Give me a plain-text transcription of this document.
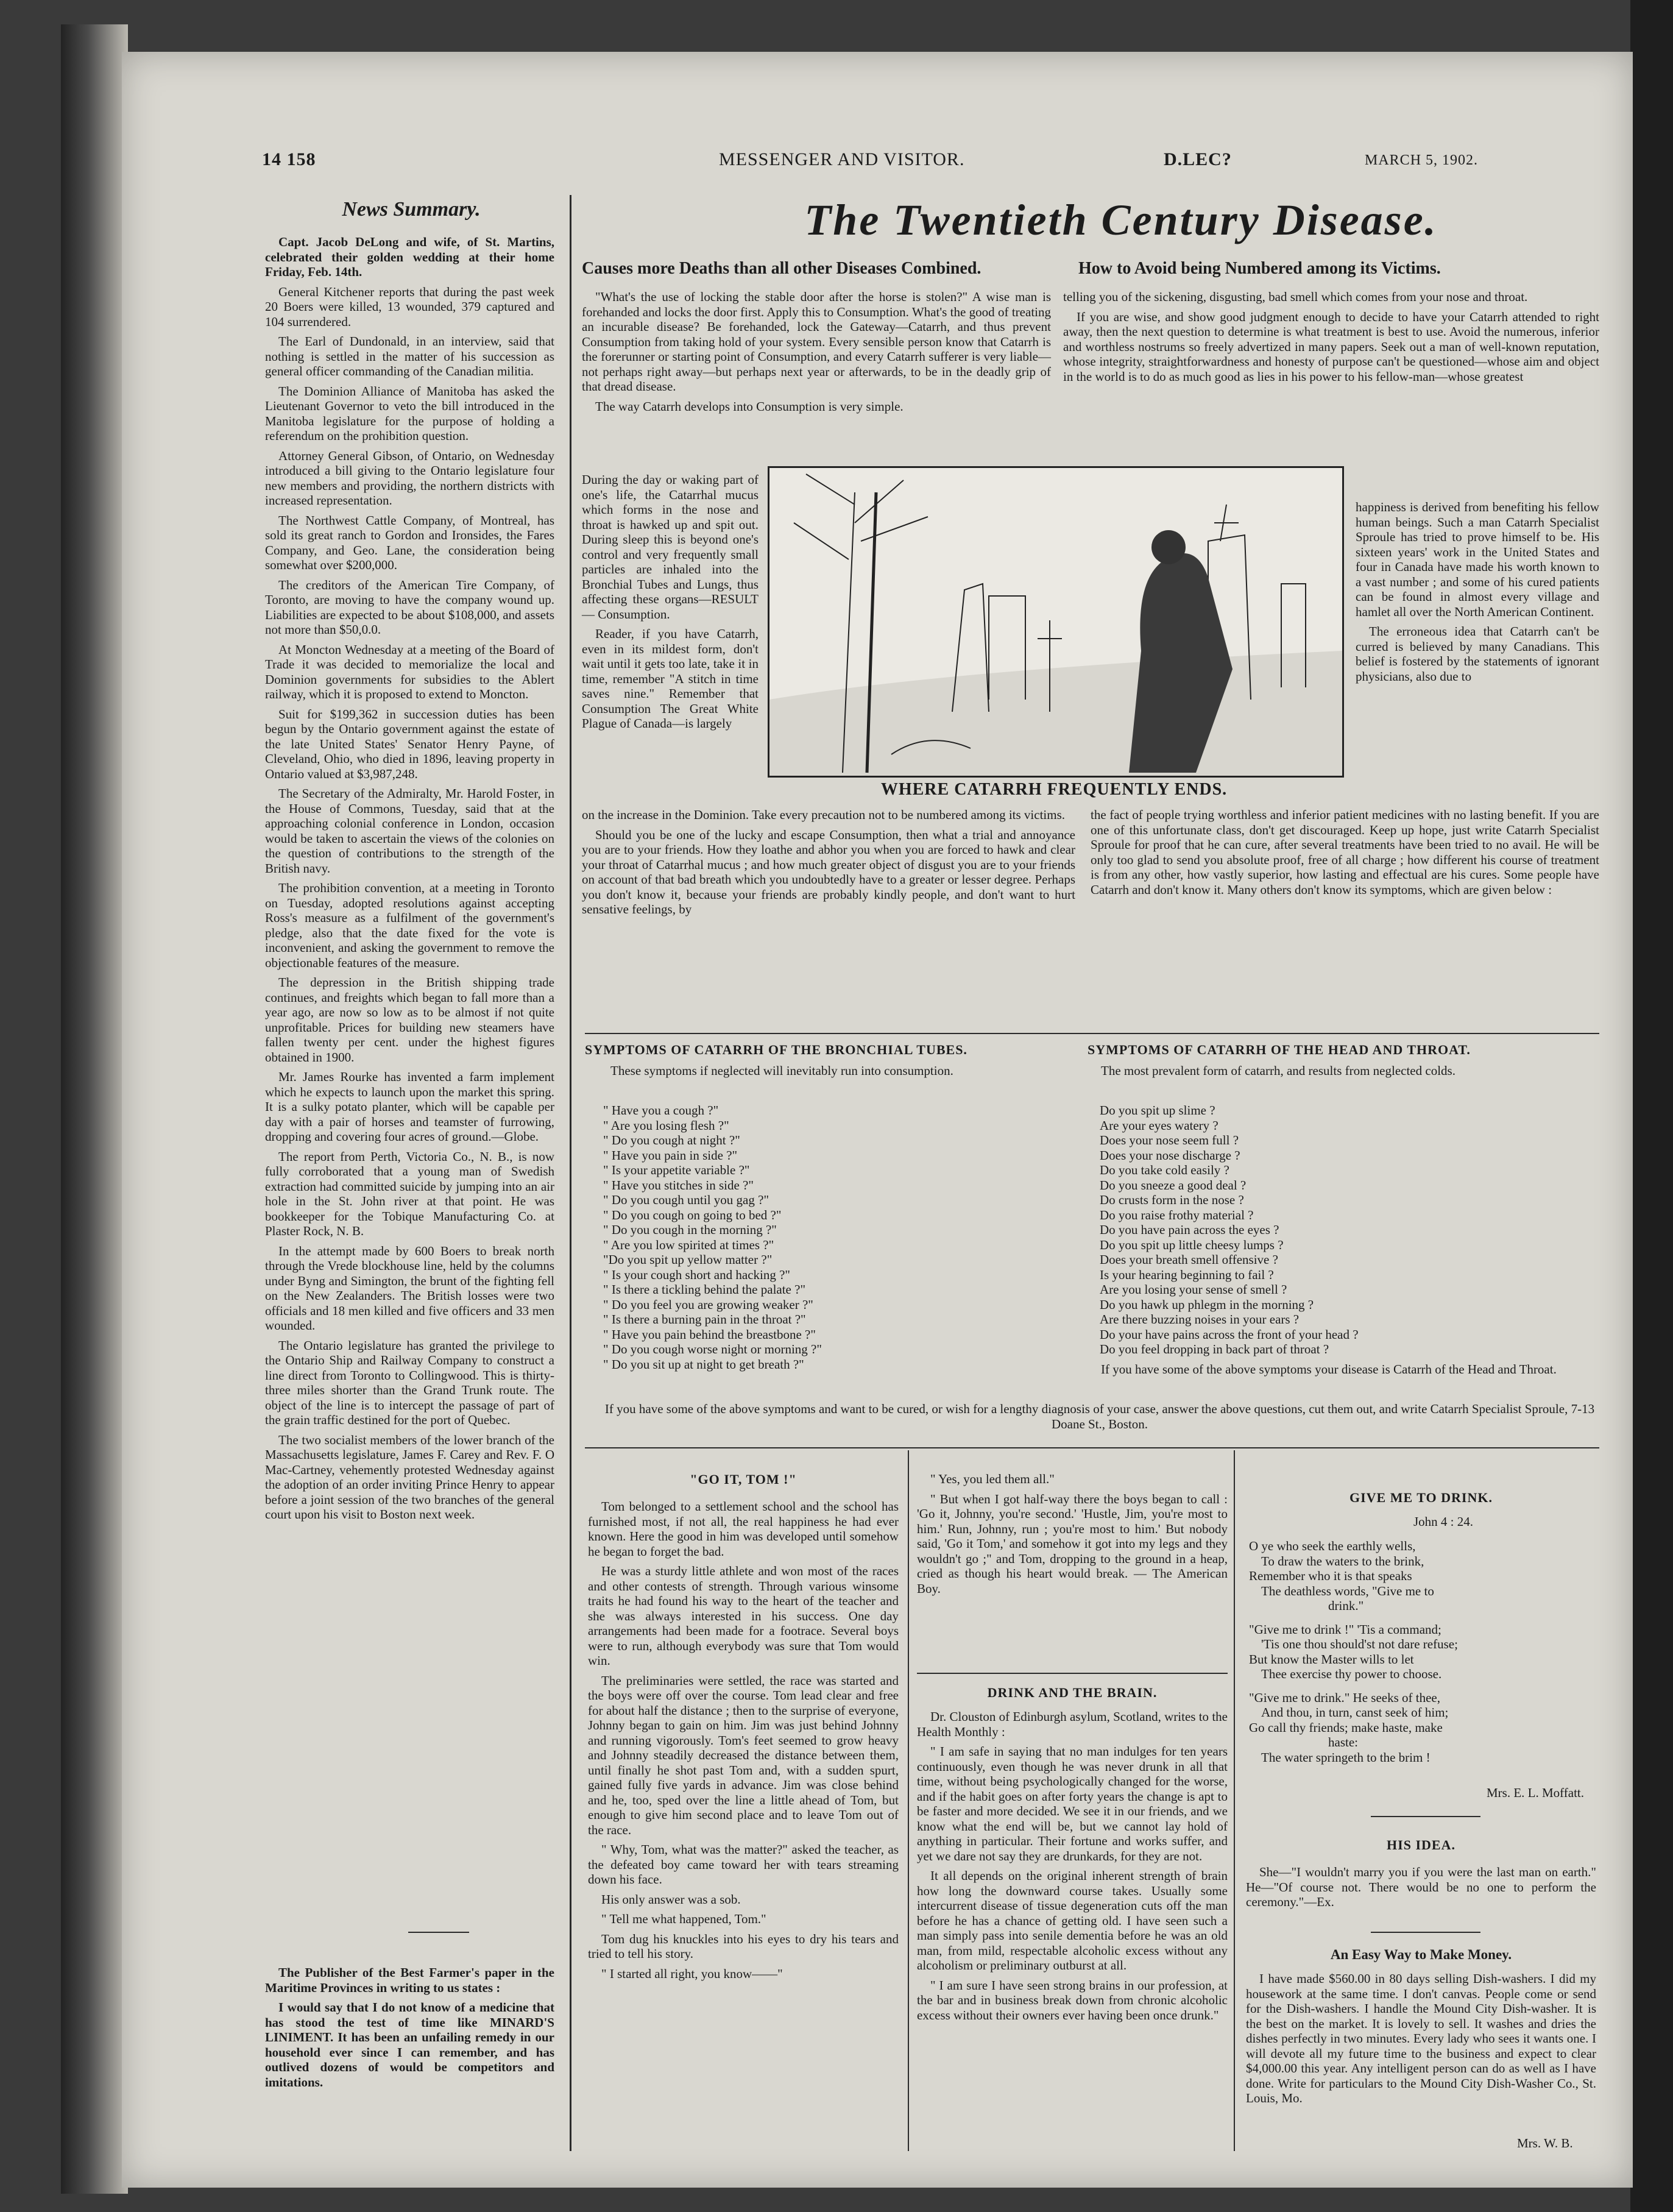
14 158	MESSENGER AND VISITOR.	D.LEC?	MARCH 5, 1902.
News Summary.

Capt. Jacob DeLong and wife, of St. Martins, celebrated their golden wedding at their home Friday, Feb. 14th.

General Kitchener reports that during the past week 20 Boers were killed, 13 wounded, 379 captured and 104 surrendered.

The Earl of Dundonald, in an interview, said that nothing is settled in the matter of his succession as general officer commanding of the Canadian militia.

The Dominion Alliance of Manitoba has asked the Lieutenant Governor to veto the bill introduced in the Manitoba legislature for the purpose of holding a referendum on the prohibition question.

Attorney General Gibson, of Ontario, on Wednesday introduced a bill giving to the Ontario legislature four new members and providing, the northern districts with increased representation.

The Northwest Cattle Company, of Montreal, has sold its great ranch to Gordon and Ironsides, the Fares Company, and Geo. Lane, the consideration being somewhat over $200,000.

The creditors of the American Tire Company, of Toronto, are moving to have the company wound up. Liabilities are expected to be about $108,000, and assets not more than $50,0.0.

At Moncton Wednesday at a meeting of the Board of Trade it was decided to memorialize the local and Dominion governments for subsidies to the Ablert railway, which it is proposed to extend to Moncton.

Suit for $199,362 in succession duties has been begun by the Ontario government against the estate of the late United States' Senator Henry Payne, of Cleveland, Ohio, who died in 1896, leaving property in Ontario valued at $3,987,248.

The Secretary of the Admiralty, Mr. Harold Foster, in the House of Commons, Tuesday, said that at the approaching colonial conference in London, occasion would be taken to ascertain the views of the colonies on the question of contributions to the strength of the British navy.

The prohibition convention, at a meeting in Toronto on Tuesday, adopted resolutions against accepting Ross's measure as a fulfilment of the government's pledge, also that the date fixed for the vote is inconvenient, and asking the government to remove the objectionable features of the measure.

The depression in the British shipping trade continues, and freights which began to fall more than a year ago, are now so low as to be almost if not quite unprofitable. Prices for building new steamers have fallen twenty per cent. under the highest figures obtained in 1900.

Mr. James Rourke has invented a farm implement which he expects to launch upon the market this spring. It is a sulky potato planter, which will be capable per day with a pair of horses and teamster of furrowing, dropping and covering four acres of ground.—Globe.

The report from Perth, Victoria Co., N. B., is now fully corroborated that a young man of Swedish extraction had committed suicide by jumping into an air hole in the St. John river at that point. He was bookkeeper for the Tobique Manufacturing Co. at Plaster Rock, N. B.

In the attempt made by 600 Boers to break north through the Vrede blockhouse line, held by the columns under Byng and Simington, the brunt of the fighting fell on the New Zealanders. The British losses were two officials and 18 men killed and five officers and 33 men wounded.

The Ontario legislature has granted the privilege to the Ontario Ship and Railway Company to construct a line direct from Toronto to Collingwood. This is thirty-three miles shorter than the Grand Trunk route. The object of the line is to intercept the passage of part of the grain traffic destined for the port of Quebec.

The two socialist members of the lower branch of the Massachusetts legislature, James F. Carey and Rev. F. O Mac-Cartney, vehemently protested Wednesday against the adoption of an order inviting Prince Henry to appear before a joint session of the two branches of the general court upon his visit to Boston next week.

The Publisher of the Best Farmer's paper in the Maritime Provinces in writing to us states :

I would say that I do not know of a medicine that has stood the test of time like MINARD'S LINIMENT. It has been an unfailing remedy in our household ever since I can remember, and has outlived dozens of would be competitors and imitations.

The Twentieth Century Disease.
Causes more Deaths than all other Diseases Combined.	How to Avoid being Numbered among its Victims.

"What's the use of locking the stable door after the horse is stolen?" A wise man is forehanded and locks the door first. Apply this to Consumption. What's the good of treating an incurable disease? Be forehanded, lock the Gateway—Catarrh, and thus prevent Consumption from taking hold of your system. Every sensible person know that Catarrh is the forerunner or starting point of Consumption, and every Catarrh sufferer is very liable—not perhaps right away—but perhaps next year or afterwards, to be in the deadly grip of that dread disease.

The way Catarrh develops into Consumption is very simple.

telling you of the sickening, disgusting, bad smell which comes from your nose and throat.

If you are wise, and show good judgment enough to decide to have your Catarrh attended to right away, then the next question to determine is what treatment is best to use. Avoid the numerous, inferior and worthless nostrums so freely advertized in many papers. Seek out a man of well-known reputation, whose integrity, straightforwardness and honesty of purpose can't be questioned—whose aim and object in the world is to do as much good as lies in his power to his fellow-man—whose greatest

During the day or waking part of one's life, the Catarrhal mucus which forms in the nose and throat is hawked up and spit out. During sleep this is beyond one's control and very frequently small particles are inhaled into the Bronchial Tubes and Lungs, thus affecting these organs—RESULT — Consumption.

Reader, if you have Catarrh, even in its mildest form, don't wait until it gets too late, take it in time, remember "A stitch in time saves nine." Remember that Consumption The Great White Plague of Canada—is largely

happiness is derived from benefiting his fellow human beings. Such a man Catarrh Specialist Sproule has tried to prove himself to be. His sixteen years' work in the United States and four in Canada have made his worth known to a vast number ; and some of his cured patients can be found in almost every village and hamlet all over the North American Continent.

The erroneous idea that Catarrh can't be curred is believed by many Canadians. This belief is fostered by the statements of ignorant physicians, also due to

WHERE CATARRH FREQUENTLY ENDS.

on the increase in the Dominion. Take every precaution not to be numbered among its victims.

Should you be one of the lucky and escape Consumption, then what a trial and annoyance you are to your friends. How they loathe and abhor you when you are forced to hawk and clear your throat of Catarrhal mucus ; and how much greater object of disgust you are to your friends on account of that bad breath which you undoubtedly have to a greater or lesser degree. Perhaps you don't know it, because your friends are probably kindly people, and don't want to hurt sensative feelings, by

the fact of people trying worthless and inferior patient medicines with no lasting benefit. If you are one of this unfortunate class, don't get discouraged. Keep up hope, just write Catarrh Specialist Sproule for proof that he can cure, after several treatments have been tried to no avail. He will be only too glad to send you absolute proof, free of all charge ; how different his course of treatment is from any other, how vastly superior, how lasting and effectual are his cures. Some people have Catarrh and don't know it. Many others don't know its symptoms, which are given below :

SYMPTOMS OF CATARRH OF THE BRONCHIAL TUBES.

These symptoms if neglected will inevitably run into consumption.

" Have you a cough ?"
" Are you losing flesh ?"
" Do you cough at night ?"
" Have you pain in side ?"
" Is your appetite variable ?"
" Have you stitches in side ?"
" Do you cough until you gag ?"
" Do you cough on going to bed ?"
" Do you cough in the morning ?"
" Are you low spirited at times ?"
"Do you spit up yellow matter ?"
" Is your cough short and hacking ?"
" Is there a tickling behind the palate ?"
" Do you feel you are growing weaker ?"
" Is there a burning pain in the throat ?"
" Have you pain behind the breastbone ?"
" Do you cough worse night or morning ?"
" Do you sit up at night to get breath ?"
SYMPTOMS OF CATARRH OF THE HEAD AND THROAT.

The most prevalent form of catarrh, and results from neglected colds.

Do you spit up slime ?
Are your eyes watery ?
Does your nose seem full ?
Does your nose discharge ?
Do you take cold easily ?
Do you sneeze a good deal ?
Do crusts form in the nose ?
Do you raise frothy material ?
Do you have pain across the eyes ?
Do you spit up little cheesy lumps ?
Does your breath smell offensive ?
Is your hearing beginning to fail ?
Are you losing your sense of smell ?
Do you hawk up phlegm in the morning ?
Are there buzzing noises in your ears ?
Do your have pains across the front of your head ?
Do you feel dropping in back part of throat ?

If you have some of the above symptoms your disease is Catarrh of the Head and Throat.

If you have some of the above symptoms and want to be cured, or wish for a lengthy diagnosis of your case, answer the above questions, cut them out, and write Catarrh Specialist Sproule, 7-13 Doane St., Boston.

"GO IT, TOM !"

Tom belonged to a settlement school and the school has furnished most, if not all, the real happiness he had ever known. Here the good in him was developed until somehow he began to forget the bad.

He was a sturdy little athlete and won most of the races and other contests of strength. Through various winsome traits he had found his way to the heart of the teacher and she was always interested in his success. One day arrangements had been made for a footrace. Several boys were to run, although everybody was sure that Tom would win.

The preliminaries were settled, the race was started and the boys were off over the course. Tom lead clear and free for about half the distance ; then to the surprise of everyone, Johnny began to gain on him. Jim was just behind Johnny and running vigorously. Tom's feet seemed to grow heavy and Johnny steadily decreased the distance between them, until finally he shot past Tom and, with a sudden spurt, gained fully five yards in advance. Jim was close behind and he, too, sped over the line a little ahead of Tom, but enough to give him second place and to leave Tom out of the race.

" Why, Tom, what was the matter?" asked the teacher, as the defeated boy came toward her with tears streaming down his face.

His only answer was a sob.

" Tell me what happened, Tom."

Tom dug his knuckles into his eyes to dry his tears and tried to tell his story.

" I started all right, you know——"

" Yes, you led them all."

" But when I got half-way there the boys began to call : 'Go it, Johnny, you're second.' 'Hustle, Jim, you're most to him.' Run, Johnny, run ; you're most to him.' But nobody said, 'Go it Tom,' and somehow it got into my legs and they wouldn't go ;" and Tom, dropping to the ground in a heap, cried as though his heart would break. — The American Boy.

DRINK AND THE BRAIN.

Dr. Clouston of Edinburgh asylum, Scotland, writes to the Health Monthly :

" I am safe in saying that no man indulges for ten years continuously, even though he was never drunk in all that time, without being psychologically changed for the worse, and if the habit goes on after forty years the change is apt to be faster and more decided. We see it in our friends, and we know what the end will be, but we cannot lay hold of anything in particular. Their fortune and works suffer, and yet we dare not say they are drunkards, for they are not.

It all depends on the original inherent strength of brain how long the downward course takes. Usually some intercurrent disease of tissue degeneration cuts off the man before he has a chance of getting old. I have seen such a man simply pass into senile dementia before he was an old man, from mild, respectable alcoholic excess without any alcoholism or preliminary outburst at all.

" I am sure I have seen strong brains in our profession, at the bar and in business break down from chronic alcoholic excess without their owners ever having been once drunk."

GIVE ME TO DRINK.
John 4 : 24.
O ye who seek the earthly wells,
To draw the waters to the brink,
Remember who it is that speaks
The deathless words, "Give me to
drink."
"Give me to drink !" 'Tis a command;
'Tis one thou should'st not dare refuse;
But know the Master wills to let
Thee exercise thy power to choose.
"Give me to drink." He seeks of thee,
And thou, in turn, canst seek of him;
Go call thy friends; make haste, make
haste:
The water springeth to the brim !
Mrs. E. L. Moffatt.
HIS IDEA.

She—"I wouldn't marry you if you were the last man on earth." He—"Of course not. There would be no one to perform the ceremony."—Ex.

An Easy Way to Make Money.

I have made $560.00 in 80 days selling Dish-washers. I did my housework at the same time. I don't canvas. People come or send for the Dish-washers. I handle the Mound City Dish-washer. It is the best on the market. It is lovely to sell. It washes and dries the dishes perfectly in two minutes. Every lady who sees it wants one. I will devote all my future time to the business and expect to clear $4,000.00 this year. Any intelligent person can do as well as I have done. Write for particulars to the Mound City Dish-Washer Co., St. Louis, Mo.

Mrs. W. B.
